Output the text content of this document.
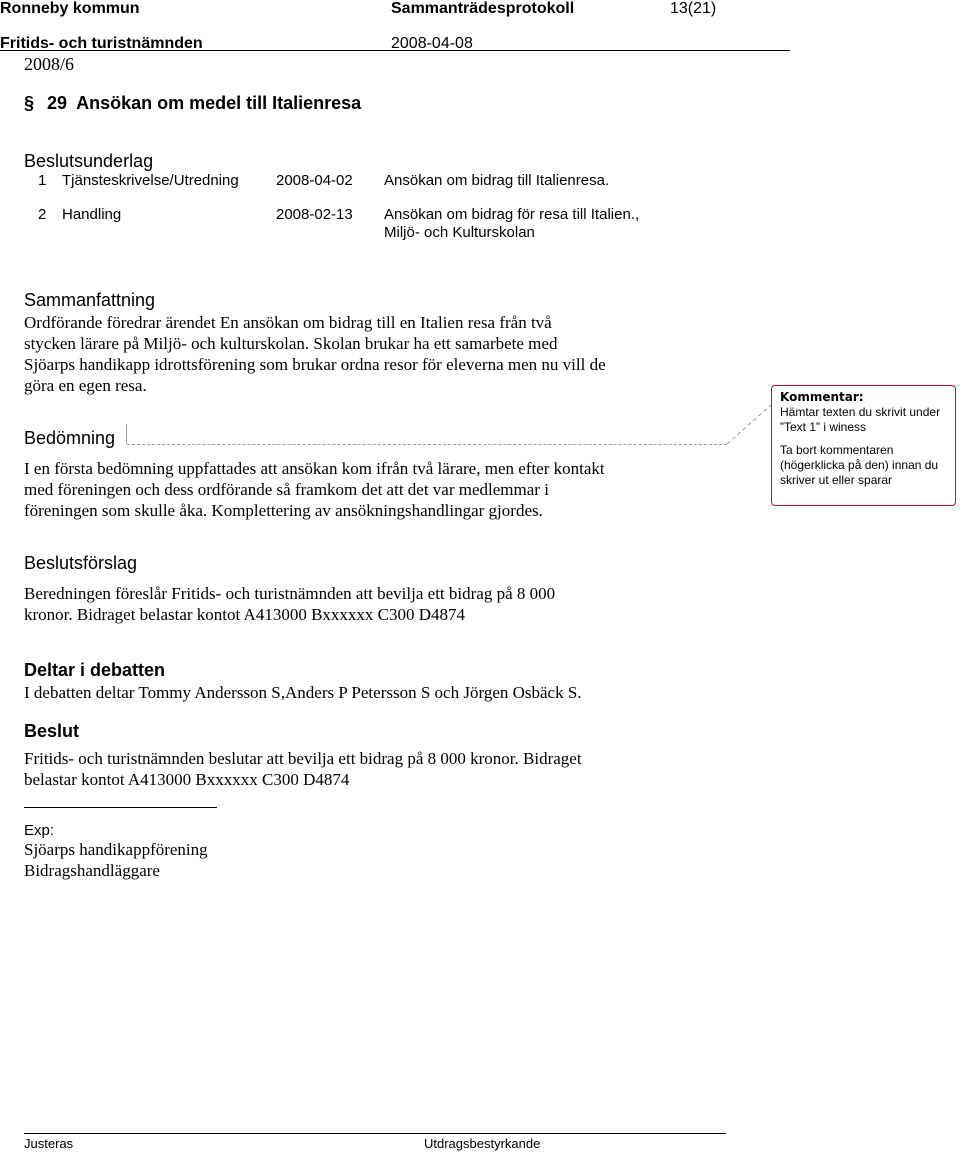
Ronneby kommun	Sammanträdesprotokoll	13(21)
Fritids- och turistnämnden	2008-04-08
2008/6
§ 29 Ansökan om medel till Italienresa
Beslutsunderlag
1 Tjänsteskrivelse/Utredning 2008-04-02 Ansökan om bidrag till Italienresa.
2 Handling	2008-02-13 Ansökan om bidrag för resa till Italien.,
Miljö- och Kulturskolan
Sammanfattning
Ordförande föredrar ärendet En ansökan om bidrag till en Italien resa från två
stycken lärare på Miljö- och kulturskolan. Skolan brukar ha ett samarbete med
Sjöarps handikapp idrottsförening som brukar ordna resor för eleverna men nu vill de
göra en egen resa.
Bedömning
I en första bedömning uppfattades att ansökan kom ifrån två lärare, men efter kontakt
med föreningen och dess ordförande så framkom det att det var medlemmar i
föreningen som skulle åka. Komplettering av ansökningshandlingar gjordes.

Kommentar:

Hämtar texten du skrivit under

”Text 1” i winess

Ta bort kommentaren

(högerklicka på den) innan du

skriver ut eller sparar

Beslutsförslag
Beredningen föreslår Fritids- och turistnämnden att bevilja ett bidrag på 8 000
kronor. Bidraget belastar kontot A413000 Bxxxxxx C300 D4874
Deltar i debatten
I debatten deltar Tommy Andersson S,Anders P Petersson S och Jörgen Osbäck S.
Beslut
Fritids- och turistnämnden beslutar att bevilja ett bidrag på 8 000 kronor. Bidraget
belastar kontot A413000 Bxxxxxx C300 D4874
Exp:
Sjöarps handikappförening
Bidragshandläggare
Justeras	Utdragsbestyrkande
